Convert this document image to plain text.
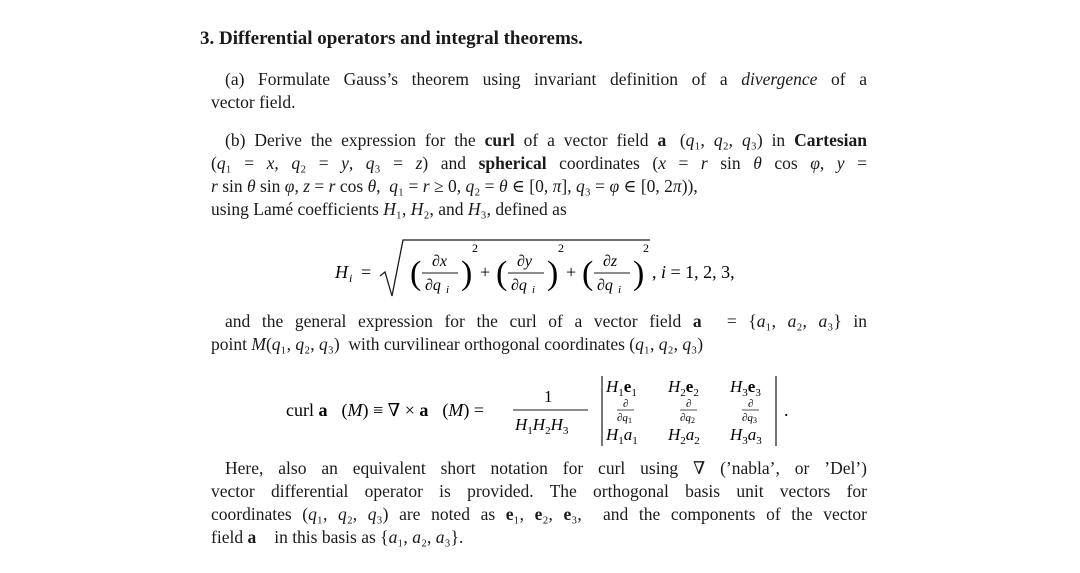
3. Differential operators and integral theorems.
(a) Formulate Gauss’s theorem using invariant definition of a divergence of a
vector field.
(b) Derive the expression for the curl of a vector field a⃗(q₁, q₂, q₃) in Cartesian
(q₁ = x, q₂ = y, q₃ = z) and spherical coordinates (x = r sin θ cos φ, y =
r sin θ sin φ, z = r cos θ,  q₁ = r ≥ 0, q₂ = θ ∈ [0, π], q₃ = φ ∈ [0, 2π)),
using Lamé coefficients H₁, H₂, and H₃, defined as
H i = ( ∂x
∂q i )
2
+ ( ∂y
∂q i )
2
+ ( ∂z
∂q i )
2
, i = 1, 2, 3,
and the general expression for the curl of a vector field a⃗ = {a₁, a₂, a₃} in
point M(q₁, q₂, q₃)  with curvilinear orthogonal coordinates (q₁, q₂, q₃)
curl a⃗(M) ≡ ∇ × a⃗(M) =
1
$H_1H_2H_3$
$H_1e_1$ $H_2e_2$ $H_3e_3$
∂
∂q1
∂
∂q2
∂
∂q3
$H_1a_1$ $H_2a_2$ $H_3a_3$
.
Here, also an equivalent short notation for curl using ∇ (’nabla’, or ’Del’)
vector differential operator is provided. The orthogonal basis unit vectors for
coordinates (q₁, q₂, q₃) are noted as e₁, e₂, e₃,  and the components of the vector
field a⃗ in this basis as {a₁, a₂, a₃}.
